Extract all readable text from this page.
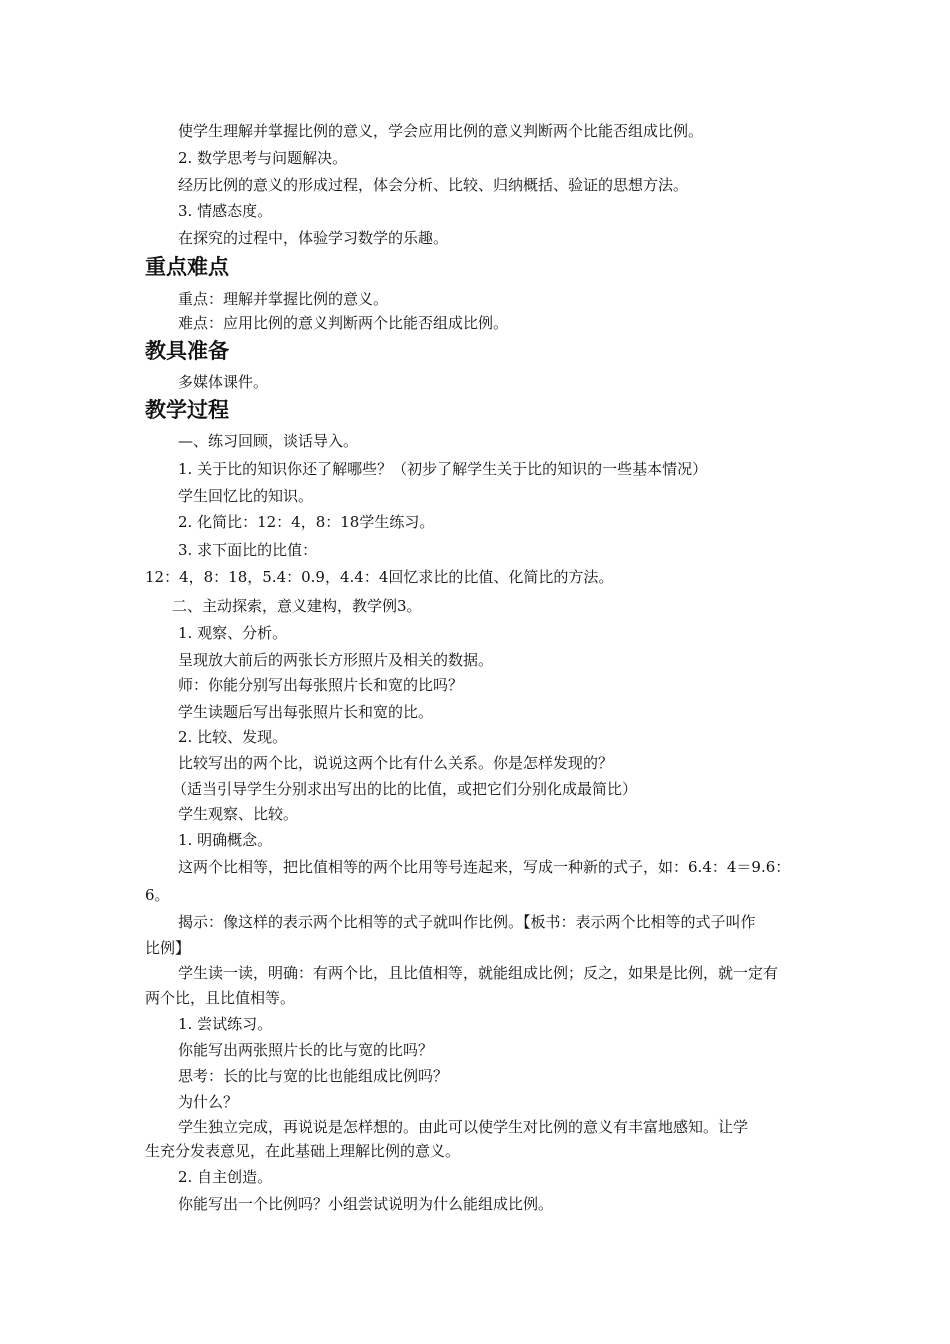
使学生理解并掌握比例的意义，学会应用比例的意义判断两个比能否组成比例。
2. 数学思考与问题解决。
经历比例的意义的形成过程，体会分析、比较、归纳概括、验证的思想方法。
3. 情感态度。
在探究的过程中，体验学习数学的乐趣。
重点难点
重点：理解并掌握比例的意义。
难点：应用比例的意义判断两个比能否组成比例。
教具准备
多媒体课件。
教学过程
—、练习回顾，谈话导入。
1. 关于比的知识你还了解哪些？（初步了解学生关于比的知识的一些基本情况）
学生回忆比的知识。
2. 化简比：12：4，8：18学生练习。
3. 求下面比的比值：
12：4，8：18，5.4：0.9，4.4：4回忆求比的比值、化简比的方法。
二、主动探索，意义建构，教学例3。
1. 观察、分析。
呈现放大前后的两张长方形照片及相关的数据。
师：你能分别写出每张照片长和宽的比吗？
学生读题后写出每张照片长和宽的比。
2. 比较、发现。
比较写出的两个比，说说这两个比有什么关系。你是怎样发现的？
（适当引导学生分别求出写出的比的比值，或把它们分别化成最简比）
学生观察、比较。
1. 明确概念。
这两个比相等，把比值相等的两个比用等号连起来，写成一种新的式子，如：6.4：4＝9.6：
6。
揭示：像这样的表示两个比相等的式子就叫作比例。【板书：表示两个比相等的式子叫作
比例】
学生读一读，明确：有两个比，且比值相等，就能组成比例；反之，如果是比例，就一定有
两个比，且比值相等。
1. 尝试练习。
你能写出两张照片长的比与宽的比吗？
思考：长的比与宽的比也能组成比例吗？
为什么？
学生独立完成，再说说是怎样想的。由此可以使学生对比例的意义有丰富地感知。让学
生充分发表意见，在此基础上理解比例的意义。
2. 自主创造。
你能写出一个比例吗？小组尝试说明为什么能组成比例。
